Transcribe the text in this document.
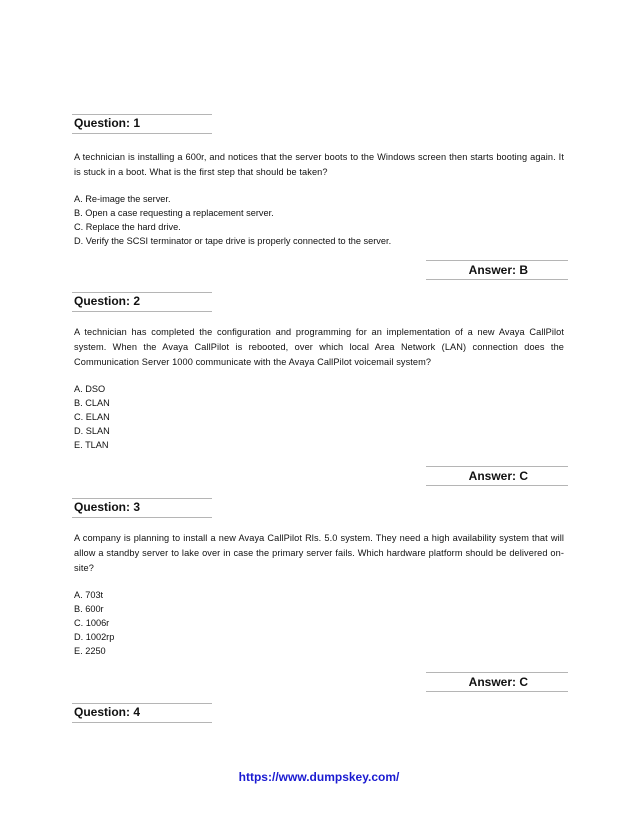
Question: 1
A technician is installing a 600r, and notices that the server boots to the Windows screen then starts booting again. It is stuck in a boot. What is the first step that should be taken?
A. Re-image the server.
B. Open a case requesting a replacement server.
C. Replace the hard drive.
D. Verify the SCSI terminator or tape drive is properly connected to the server.
Answer: B
Question: 2
A technician has completed the configuration and programming for an implementation of a new Avaya CallPilot system. When the Avaya CallPilot is rebooted, over which local Area Network (LAN) connection does the Communication Server 1000 communicate with the Avaya CallPilot voicemail system?
A. DSO
B. CLAN
C. ELAN
D. SLAN
E. TLAN
Answer: C
Question: 3
A company is planning to install a new Avaya CallPilot Rls. 5.0 system. They need a high availability system that will allow a standby server to lake over in case the primary server fails. Which hardware platform should be delivered on-site?
A. 703t
B. 600r
C. 1006r
D. 1002rp
E. 2250
Answer: C
Question: 4
https://www.dumpskey.com/
